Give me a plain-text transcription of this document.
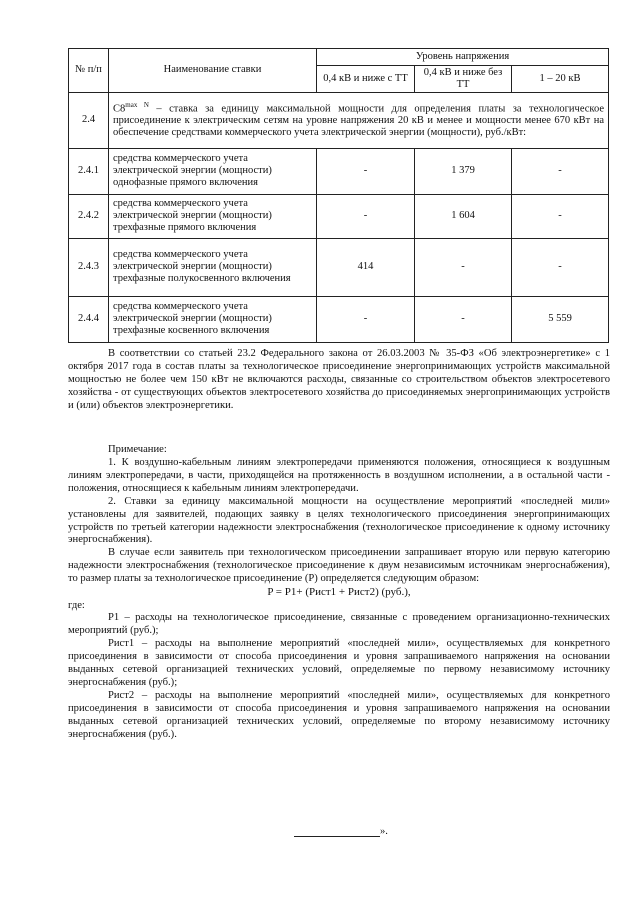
№ п/п	Наименование ставки	Уровень напряжения		
		0,4 кВ и ниже с ТТ	0,4 кВ и ниже без ТТ	1 – 20 кВ
2.4	$C8^{max N}$ – ставка за единицу максимальной мощности для определения платы за технологическое присоединение к электрическим сетям на уровне напряжения 20 кВ и менее и мощности менее 670 кВт на обеспечение средствами коммерческого учета электрической энергии (мощности), руб./кВт:			
2.4.1	средства коммерческого учета электрической энергии (мощности) однофазные прямого включения	-	1 379	-
2.4.2	средства коммерческого учета электрической энергии (мощности) трехфазные прямого включения	-	1 604	-
2.4.3	средства коммерческого учета электрической энергии (мощности) трехфазные полукосвенного включения	414	-	-
2.4.4	средства коммерческого учета электрической энергии (мощности) трехфазные косвенного включения	-	-	5 559

В соответствии со статьей 23.2 Федерального закона от 26.03.2003 № 35-ФЗ «Об электроэнергетике» с 1 октября 2017 года в состав платы за технологическое присоединение энергопринимающих устройств максимальной мощностью не более чем 150 кВт не включаются расходы, связанные со строительством объектов электросетевого хозяйства - от существующих объектов электросетевого хозяйства до присоединяемых энергопринимающих устройств и (или) объектов электроэнергетики.

Примечание:

1. К воздушно-кабельным линиям электропередачи применяются положения, относящиеся к воздушным линиям электропередачи, в части, приходящейся на протяженность в воздушном исполнении, а в остальной части - положения, относящиеся к кабельным линиям электропередачи.

2. Ставки за единицу максимальной мощности на осуществление мероприятий «последней мили» установлены для заявителей, подающих заявку в целях технологического присоединения энергопринимающих устройств по третьей категории надежности электроснабжения (технологическое присоединение к одному источнику энергоснабжения).

В случае если заявитель при технологическом присоединении запрашивает вторую или первую категорию надежности электроснабжения (технологическое присоединение к двум независимым источникам энергоснабжения), то размер платы за технологическое присоединение (P) определяется следующим образом:

P = P1+ (Pист1 + Pист2) (руб.),

где:

P1 – расходы на технологическое присоединение, связанные с проведением организационно-технических мероприятий (руб.);

Pист1 – расходы на выполнение мероприятий «последней мили», осуществляемых для конкретного присоединения в зависимости от способа присоединения и уровня запрашиваемого напряжения на основании выданных сетевой организацией технических условий, определяемые по первому независимому источнику энергоснабжения (руб.);

Pист2 – расходы на выполнение мероприятий «последней мили», осуществляемых для конкретного присоединения в зависимости от способа присоединения и уровня запрашиваемого напряжения на основании выданных сетевой организацией технических условий, определяемые по второму независимому источнику энергоснабжения (руб.).

».
